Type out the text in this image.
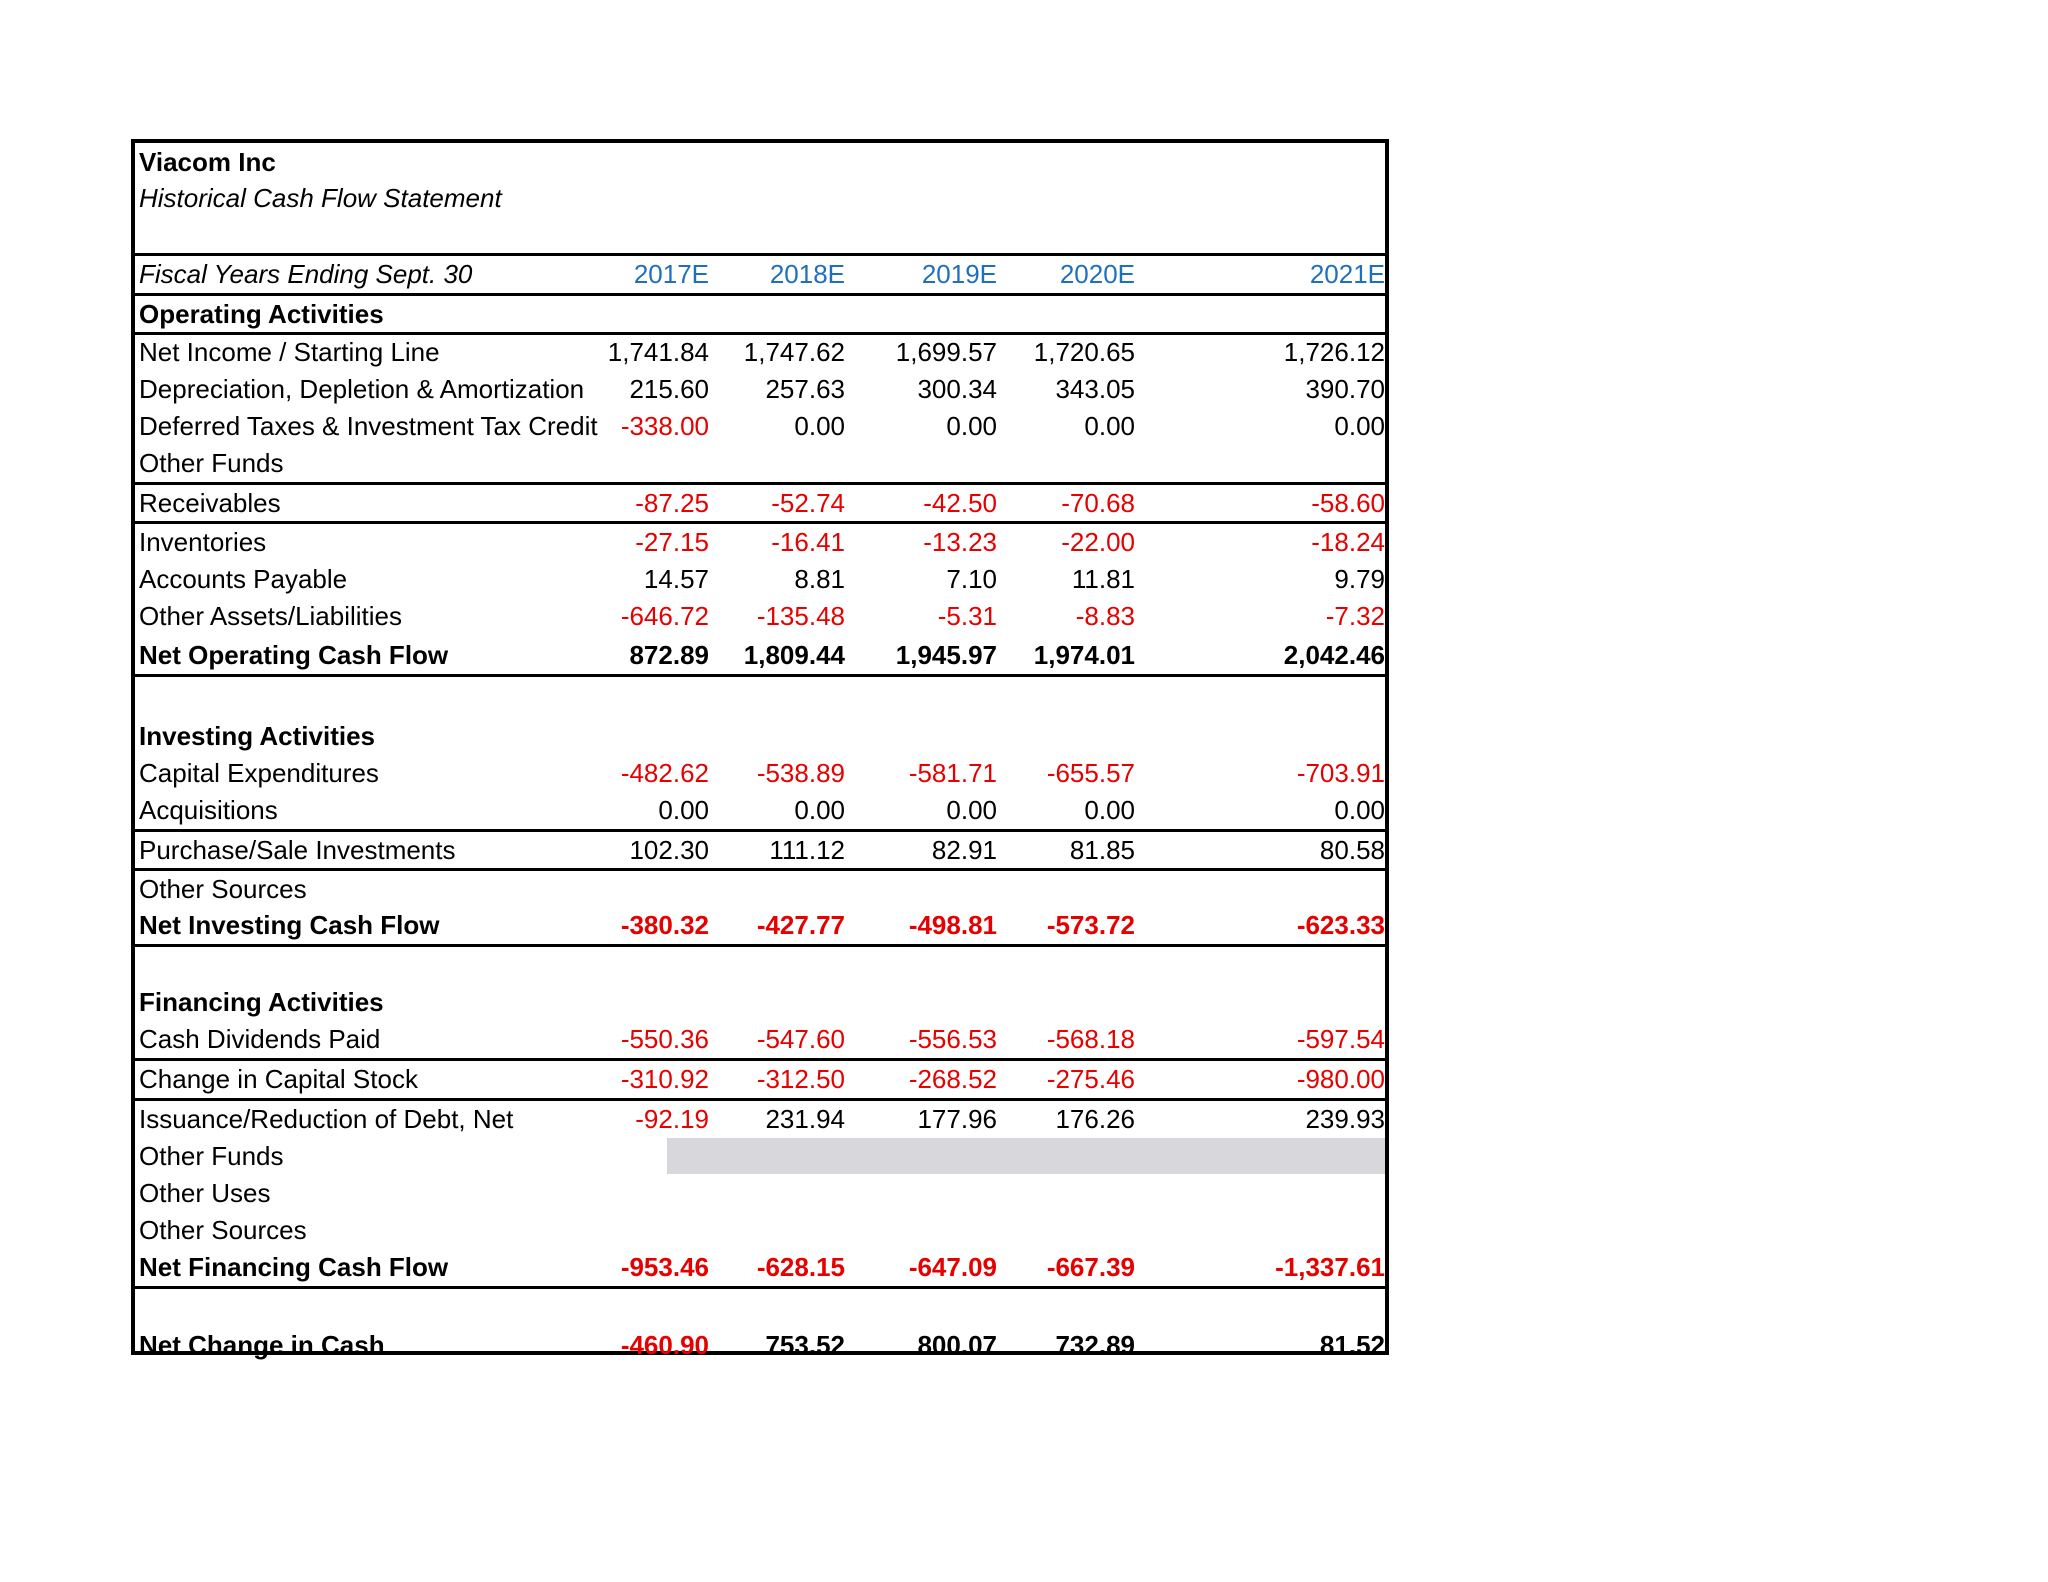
Viacom Inc
Historical Cash Flow Statement
Fiscal Years Ending Sept. 30	2017E 2018E	2019E 2020E	2021E
Operating Activities
Investing Activities
Financing Activities
Net Income / Starting Line	1,741.84 1,747.62 1,699.57 1,720.65	1,726.12
Depreciation, Depletion & Amortization 215.60 257.63	300.34 343.05	390.70
Deferred Taxes & Investment Tax Credit -338.00	0.00	0.00	0.00	0.00
Other Funds
Receivables	-87.25 -52.74	-42.50 -70.68	-58.60
Inventories	-27.15 -16.41	-13.23 -22.00	-18.24
Accounts Payable	14.57	8.81	7.10	11.81	9.79
Other Assets/Liabilities	-646.72 -135.48	-5.31	-8.83	-7.32
Net Operating Cash Flow	872.89 1,809.44 1,945.97 1,974.01	2,042.46
Capital Expenditures	-482.62 -538.89 -581.71 -655.57	-703.91
Acquisitions	0.00	0.00	0.00	0.00	0.00
Purchase/Sale Investments	102.30 111.12	82.91	81.85	80.58
Other Sources
Net Investing Cash Flow	-380.32 -427.77 -498.81 -573.72	-623.33
Cash Dividends Paid	-550.36 -547.60 -556.53 -568.18	-597.54
Change in Capital Stock	-310.92 -312.50 -268.52 -275.46	-980.00
Issuance/Reduction of Debt, Net	-92.19 231.94	177.96 176.26	239.93
Other Funds
Other Uses
Other Sources
Net Financing Cash Flow	-953.46 -628.15 -647.09 -667.39	-1,337.61
Net Change in Cash	-460.90 753.52	800.07 732.89	81.52
